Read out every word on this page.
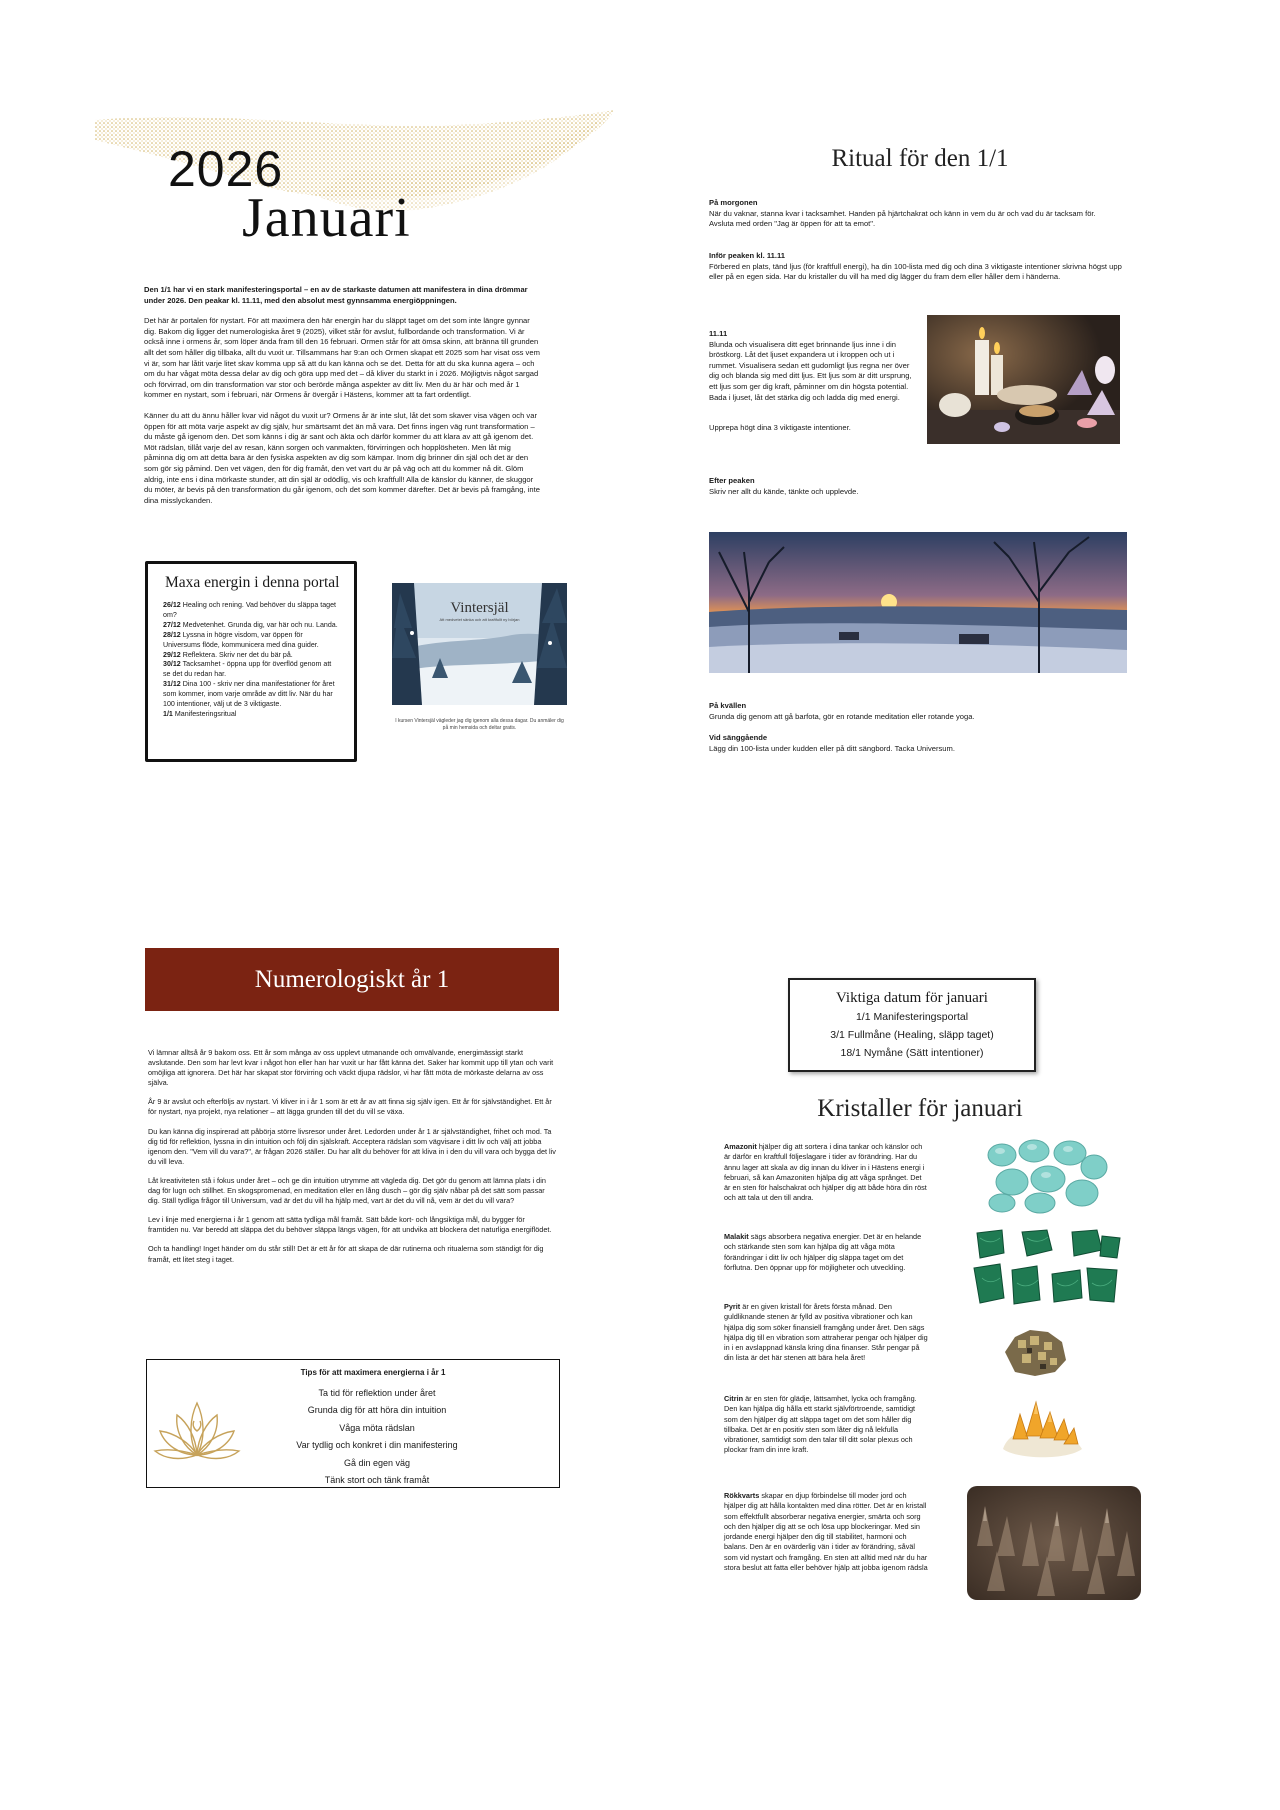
2026
Januari

Den 1/1 har vi en stark manifesteringsportal – en av de starkaste datumen att manifestera in dina drömmar under 2026. Den peakar kl. 11.11, med den absolut mest gynnsamma energiöppningen.

Det här är portalen för nystart. För att maximera den här energin har du släppt taget om det som inte längre gynnar dig. Bakom dig ligger det numerologiska året 9 (2025), vilket står för avslut, fullbordande och transformation. Vi är också inne i ormens år, som löper ända fram till den 16 februari. Ormen står för att ömsa skinn, att bränna till grunden allt det som håller dig tillbaka, allt du vuxit ur. Tillsammans har 9:an och Ormen skapat ett 2025 som har visat oss vem vi är, som har låtit varje litet skav komma upp så att du kan känna och se det. Detta för att du ska kunna agera – och om du har vågat möta dessa delar av dig och göra upp med det – då kliver du starkt in i 2026. Möjligtvis något sargad och förvirrad, om din transformation var stor och berörde många aspekter av ditt liv. Men du är här och med år 1 kommer en nystart, som i februari, när Ormens år övergår i Hästens, kommer att ta fart ordentligt.

Känner du att du ännu håller kvar vid något du vuxit ur? Ormens år är inte slut, låt det som skaver visa vägen och var öppen för att möta varje aspekt av dig själv, hur smärtsamt det än må vara. Det finns ingen väg runt transformation – du måste gå igenom den. Det som känns i dig är sant och äkta och därför kommer du att klara av att gå igenom det. Möt rädslan, tillåt varje del av resan, känn sorgen och vanmakten, förvirringen och hopplösheten. Men låt mig påminna dig om att detta bara är den fysiska aspekten av dig som kämpar. Inom dig brinner din själ och det är den som gör sig påmind. Den vet vägen, den för dig framåt, den vet vart du är på väg och att du kommer nå dit. Glöm aldrig, inte ens i dina mörkaste stunder, att din själ är odödlig, vis och kraftfull! Alla de känslor du känner, de skuggor du möter, är bevis på den transformation du går igenom, och det som kommer därefter. Det är bevis på framgång, inte dina misslyckanden.

Maxa energin i denna portal
26/12 Healing och rening. Vad behöver du släppa taget om?
27/12 Medvetenhet. Grunda dig, var här och nu. Landa.
28/12 Lyssna in högre visdom, var öppen för Universums flöde, kommunicera med dina guider.
29/12 Reflektera. Skriv ner det du bär på.
30/12 Tacksamhet - öppna upp för överflöd genom att se det du redan har.
31/12 Dina 100 - skriv ner dina manifestationer för året som kommer, inom varje område av ditt liv. När du har 100 intentioner, välj ut de 3 viktigaste.
1/1 Manifesteringsritual
Vintersjäl
Att medvetet sänka och att kraftfullt ny början
I kursen Vintersjäl vägleder jag dig igenom alla dessa dagar. Du anmäler dig på min hemsida och deltar gratis.
Ritual för den 1/1

På morgonen

När du vaknar, stanna kvar i tacksamhet. Handen på hjärtchakrat och känn in vem du är och vad du är tacksam för. Avsluta med orden "Jag är öppen för att ta emot".

Inför peaken kl. 11.11

Förbered en plats, tänd ljus (för kraftfull energi), ha din 100-lista med dig och dina 3 viktigaste intentioner skrivna högst upp eller på en egen sida. Har du kristaller du vill ha med dig lägger du fram dem eller håller dem i händerna.

11.11

Blunda och visualisera ditt eget brinnande ljus inne i din bröstkorg. Låt det ljuset expandera ut i kroppen och ut i rummet. Visualisera sedan ett gudomligt ljus regna ner över dig och blanda sig med ditt ljus. Ett ljus som är ditt ursprung, ett ljus som ger dig kraft, påminner om din högsta potential. Bada i ljuset, låt det stärka dig och ladda dig med energi.

Upprepa högt dina 3 viktigaste intentioner.

Efter peaken

Skriv ner allt du kände, tänkte och upplevde.

På kvällen

Grunda dig genom att gå barfota, gör en rotande meditation eller rotande yoga.

Vid sänggående

Lägg din 100-lista under kudden eller på ditt sängbord. Tacka Universum.

Numerologiskt år 1

Vi lämnar alltså år 9 bakom oss. Ett år som många av oss upplevt utmanande och omvälvande, energimässigt starkt avslutande. Den som har levt kvar i något hon eller han har vuxit ur har fått känna det. Saker har kommit upp till ytan och varit omöjliga att ignorera. Det här har skapat stor förvirring och väckt djupa rädslor, vi har fått möta de mörkaste delarna av oss själva.

År 9 är avslut och efterföljs av nystart. Vi kliver in i år 1 som är ett år av att finna sig själv igen. Ett år för självständighet. Ett år för nystart, nya projekt, nya relationer – att lägga grunden till det du vill se växa.

Du kan känna dig inspirerad att påbörja större livsresor under året. Ledorden under år 1 är självständighet, frihet och mod. Ta dig tid för reflektion, lyssna in din intuition och följ din själskraft. Acceptera rädslan som vägvisare i ditt liv och välj att jobba igenom den. "Vem vill du vara?", är frågan 2026 ställer. Du har allt du behöver för att kliva in i den du vill vara och bygga det liv du vill leva.

Låt kreativiteten stå i fokus under året – och ge din intuition utrymme att vägleda dig. Det gör du genom att lämna plats i din dag för lugn och stillhet. En skogspromenad, en meditation eller en lång dusch – gör dig själv nåbar på det sätt som passar dig. Ställ tydliga frågor till Universum, vad är det du vill ha hjälp med, vart är det du vill nå, vem är det du vill vara?

Lev i linje med energierna i år 1 genom att sätta tydliga mål framåt. Sätt både kort- och långsiktiga mål, du bygger för framtiden nu. Var beredd att släppa det du behöver släppa längs vägen, för att undvika att blockera det naturliga energiflödet.

Och ta handling! Inget händer om du står still! Det är ett år för att skapa de där rutinerna och ritualerna som ständigt för dig framåt, ett litet steg i taget.

Tips för att maximera energierna i år 1
Ta tid för reflektion under året
Grunda dig för att höra din intuition
Våga möta rädslan
Var tydlig och konkret i din manifestering
Gå din egen väg
Tänk stort och tänk framåt
Viktiga datum för januari
1/1 Manifesteringsportal
3/1 Fullmåne (Healing, släpp taget)
18/1 Nymåne (Sätt intentioner)
Kristaller för januari
Amazonit hjälper dig att sortera i dina tankar och känslor och är därför en kraftfull följeslagare i tider av förändring. Har du ännu lager att skala av dig innan du kliver in i Hästens energi i februari, så kan Amazoniten hjälpa dig att våga språnget. Det är en sten för halschakrat och hjälper dig att både höra din röst och att tala ut den till andra.
Malakit sägs absorbera negativa energier. Det är en helande och stärkande sten som kan hjälpa dig att våga möta förändringar i ditt liv och hjälper dig släppa taget om det förflutna. Den öppnar upp för möjligheter och utveckling.
Pyrit är en given kristall för årets första månad. Den guldliknande stenen är fylld av positiva vibrationer och kan hjälpa dig som söker finansiell framgång under året. Den sägs hjälpa dig till en vibration som attraherar pengar och hjälper dig in i en avslappnad känsla kring dina finanser. Står pengar på din lista är det här stenen att bära hela året!
Citrin är en sten för glädje, lättsamhet, lycka och framgång. Den kan hjälpa dig hålla ett starkt självförtroende, samtidigt som den hjälper dig att släppa taget om det som håller dig tillbaka. Det är en positiv sten som låter dig nå lekfulla vibrationer, samtidigt som den talar till ditt solar plexus och plockar fram din inre kraft.
Rökkvarts skapar en djup förbindelse till moder jord och hjälper dig att hålla kontakten med dina rötter. Det är en kristall som effektfullt absorberar negativa energier, smärta och sorg och den hjälper dig att se och lösa upp blockeringar. Med sin jordande energi hjälper den dig till stabilitet, harmoni och balans. Den är en ovärderlig vän i tider av förändring, såväl som vid nystart och framgång. En sten att alltid med när du har stora beslut att fatta eller behöver hjälp att jobba igenom rädsla
